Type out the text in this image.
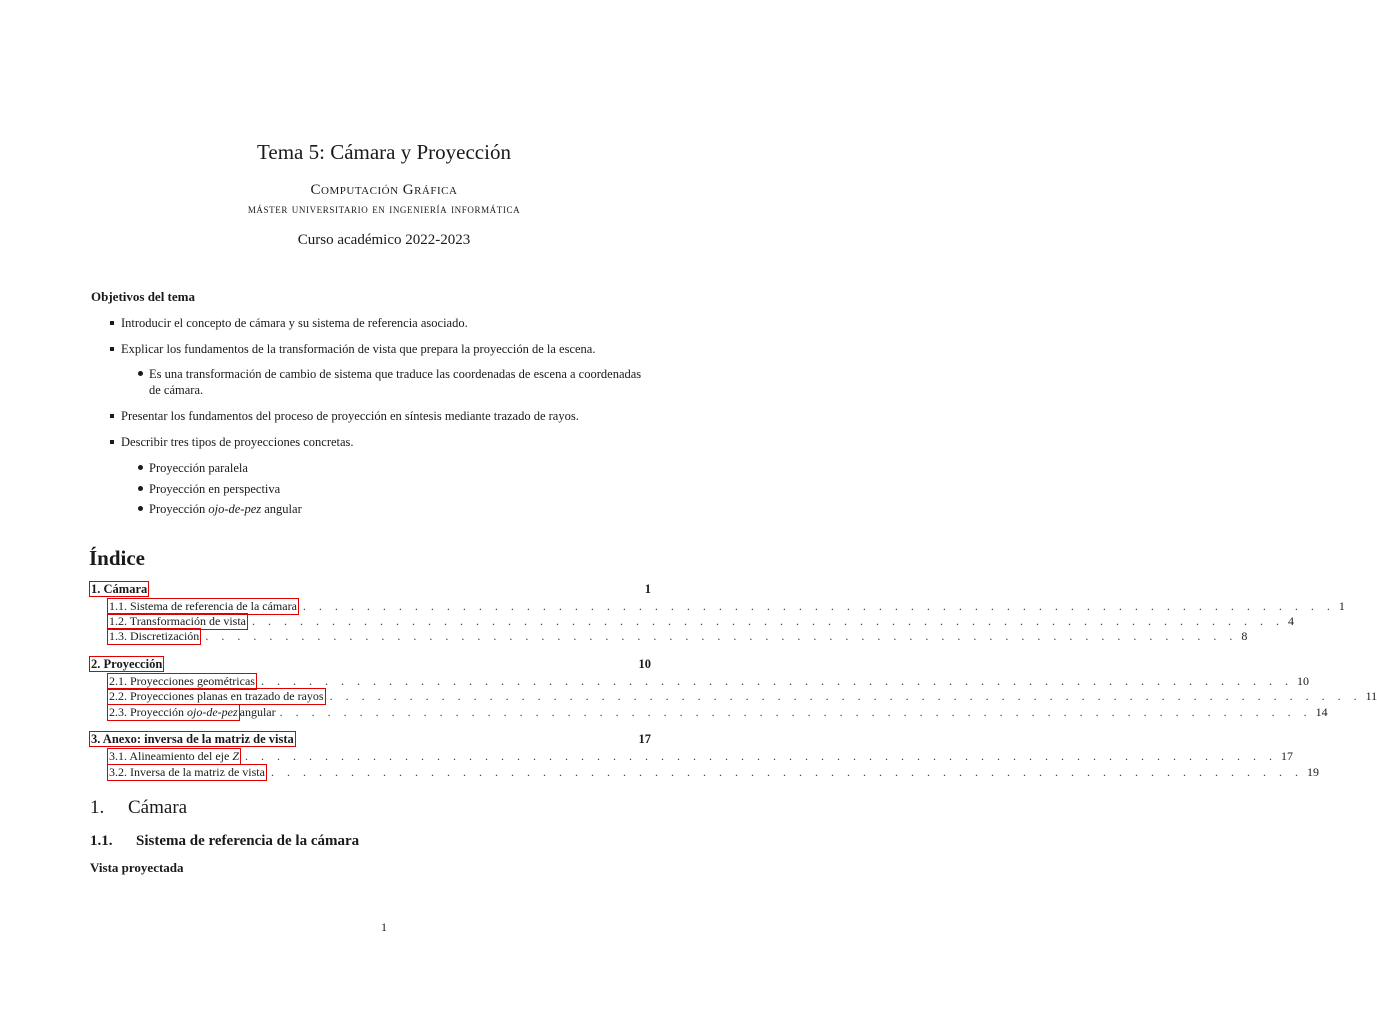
Tema 5: Cámara y Proyección
Computación Gráfica
máster universitario en ingeniería informática
Curso académico 2022-2023
Objetivos del tema
Introducir el concepto de cámara y su sistema de referencia asociado.
Explicar los fundamentos de la transformación de vista que prepara la proyección de la escena.
Es una transformación de cambio de sistema que traduce las coordenadas de escena a coordenadas
de cámara.
Presentar los fundamentos del proceso de proyección en síntesis mediante trazado de rayos.
Describir tres tipos de proyecciones concretas.
Proyección paralela
Proyección en perspectiva
Proyección ojo-de-pez angular
Índice
1. Cámara	1
1.1. Sistema de referencia de la cámara . . . . . . . . . . . . . . . . . . . . . . . . . . . . . . . . . . . . . . . . . . . . . . . . . . . . . . . . . . . . . . . . . 1
1.2. Transformación de vista . . . . . . . . . . . . . . . . . . . . . . . . . . . . . . . . . . . . . . . . . . . . . . . . . . . . . . . . . . . . . . . . . 4
1.3. Discretización . . . . . . . . . . . . . . . . . . . . . . . . . . . . . . . . . . . . . . . . . . . . . . . . . . . . . . . . . . . . . . . . . 8
2. Proyección	10
2.1. Proyecciones geométricas . . . . . . . . . . . . . . . . . . . . . . . . . . . . . . . . . . . . . . . . . . . . . . . . . . . . . . . . . . . . . . . . . 10
2.2. Proyecciones planas en trazado de rayos . . . . . . . . . . . . . . . . . . . . . . . . . . . . . . . . . . . . . . . . . . . . . . . . . . . . . . . . . . . . . . . . . 11
2.3. Proyección ojo-de-pez angular . . . . . . . . . . . . . . . . . . . . . . . . . . . . . . . . . . . . . . . . . . . . . . . . . . . . . . . . . . . . . . . . . 14
3. Anexo: inversa de la matriz de vista	17
3.1. Alineamiento del eje Z . . . . . . . . . . . . . . . . . . . . . . . . . . . . . . . . . . . . . . . . . . . . . . . . . . . . . . . . . . . . . . . . . 17
3.2. Inversa de la matriz de vista . . . . . . . . . . . . . . . . . . . . . . . . . . . . . . . . . . . . . . . . . . . . . . . . . . . . . . . . . . . . . . . . . 19
1. Cámara
1.1. Sistema de referencia de la cámara
Vista proyectada
1
